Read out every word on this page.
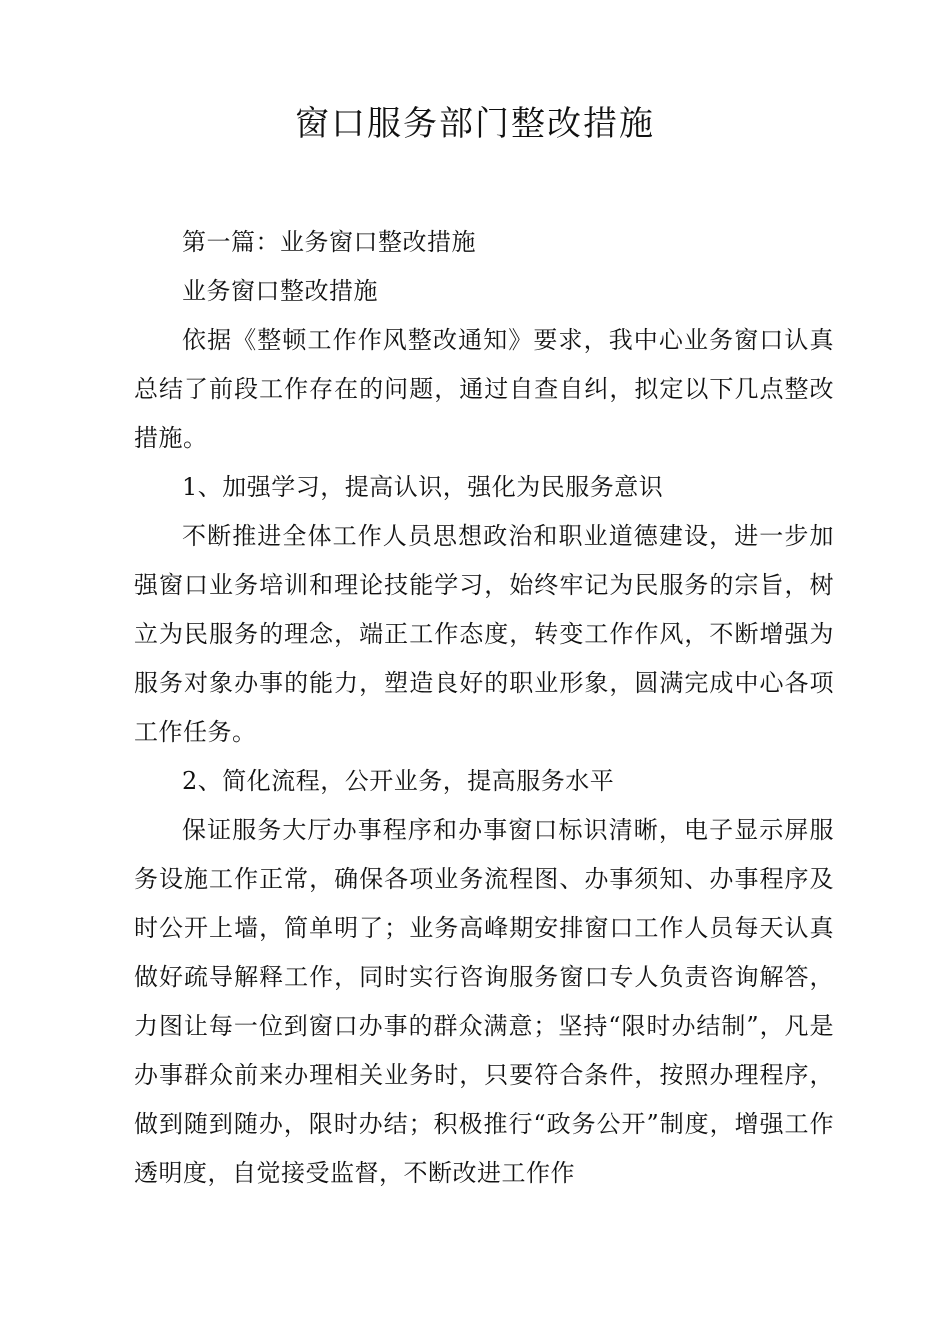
窗口服务部门整改措施

第一篇：业务窗口整改措施

业务窗口整改措施

依据《整顿工作作风整改通知》要求，我中心业务窗口认真总结了前段工作存在的问题，通过自查自纠，拟定以下几点整改措施。

1、加强学习，提高认识，强化为民服务意识

不断推进全体工作人员思想政治和职业道德建设，进一步加强窗口业务培训和理论技能学习，始终牢记为民服务的宗旨，树立为民服务的理念，端正工作态度，转变工作作风，不断增强为服务对象办事的能力，塑造良好的职业形象，圆满完成中心各项工作任务。

2、简化流程，公开业务，提高服务水平

保证服务大厅办事程序和办事窗口标识清晰，电子显示屏服务设施工作正常，确保各项业务流程图、办事须知、办事程序及时公开上墙，简单明了；业务高峰期安排窗口工作人员每天认真做好疏导解释工作，同时实行咨询服务窗口专人负责咨询解答，力图让每一位到窗口办事的群众满意；坚持“限时办结制”，凡是办事群众前来办理相关业务时，只要符合条件，按照办理程序，做到随到随办，限时办结；积极推行“政务公开”制度，增强工作透明度，自觉接受监督，不断改进工作作
